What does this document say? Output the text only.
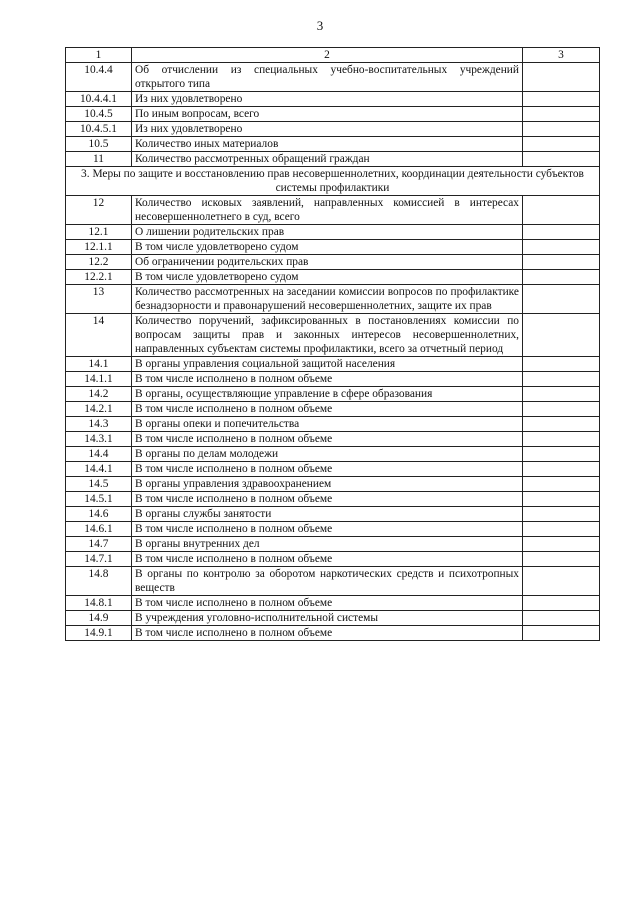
3
1	2	3
10.4.4	Об отчислении из специальных учебно-воспитательных учреждений открытого типа	
10.4.4.1	Из них удовлетворено	
10.4.5	По иным вопросам, всего	
10.4.5.1	Из них удовлетворено	
10.5	Количество иных материалов	
11	Количество рассмотренных обращений граждан	
3. Меры по защите и восстановлению прав несовершеннолетних, координации деятельности субъектов системы профилактики		
12	Количество исковых заявлений, направленных комиссией в интересах несовершеннолетнего в суд, всего	
12.1	О лишении родительских прав	
12.1.1	В том числе удовлетворено судом	
12.2	Об ограничении родительских прав	
12.2.1	В том числе удовлетворено судом	
13	Количество рассмотренных на заседании комиссии вопросов по профилактике безнадзорности и правонарушений несовершеннолетних, защите их прав	
14	Количество поручений, зафиксированных в постановлениях комиссии по вопросам защиты прав и законных интересов несовершеннолетних, направленных субъектам системы профилактики, всего за отчетный период	
14.1	В органы управления социальной защитой населения	
14.1.1	В том числе исполнено в полном объеме	
14.2	В органы, осуществляющие управление в сфере образования	
14.2.1	В том числе исполнено в полном объеме	
14.3	В органы опеки и попечительства	
14.3.1	В том числе исполнено в полном объеме	
14.4	В органы по делам молодежи	
14.4.1	В том числе исполнено в полном объеме	
14.5	В органы управления здравоохранением	
14.5.1	В том числе исполнено в полном объеме	
14.6	В органы службы занятости	
14.6.1	В том числе исполнено в полном объеме	
14.7	В органы внутренних дел	
14.7.1	В том числе исполнено в полном объеме	
14.8	В органы по контролю за оборотом наркотических средств и психотропных веществ	
14.8.1	В том числе исполнено в полном объеме	
14.9	В учреждения уголовно-исполнительной системы	
14.9.1	В том числе исполнено в полном объеме	
